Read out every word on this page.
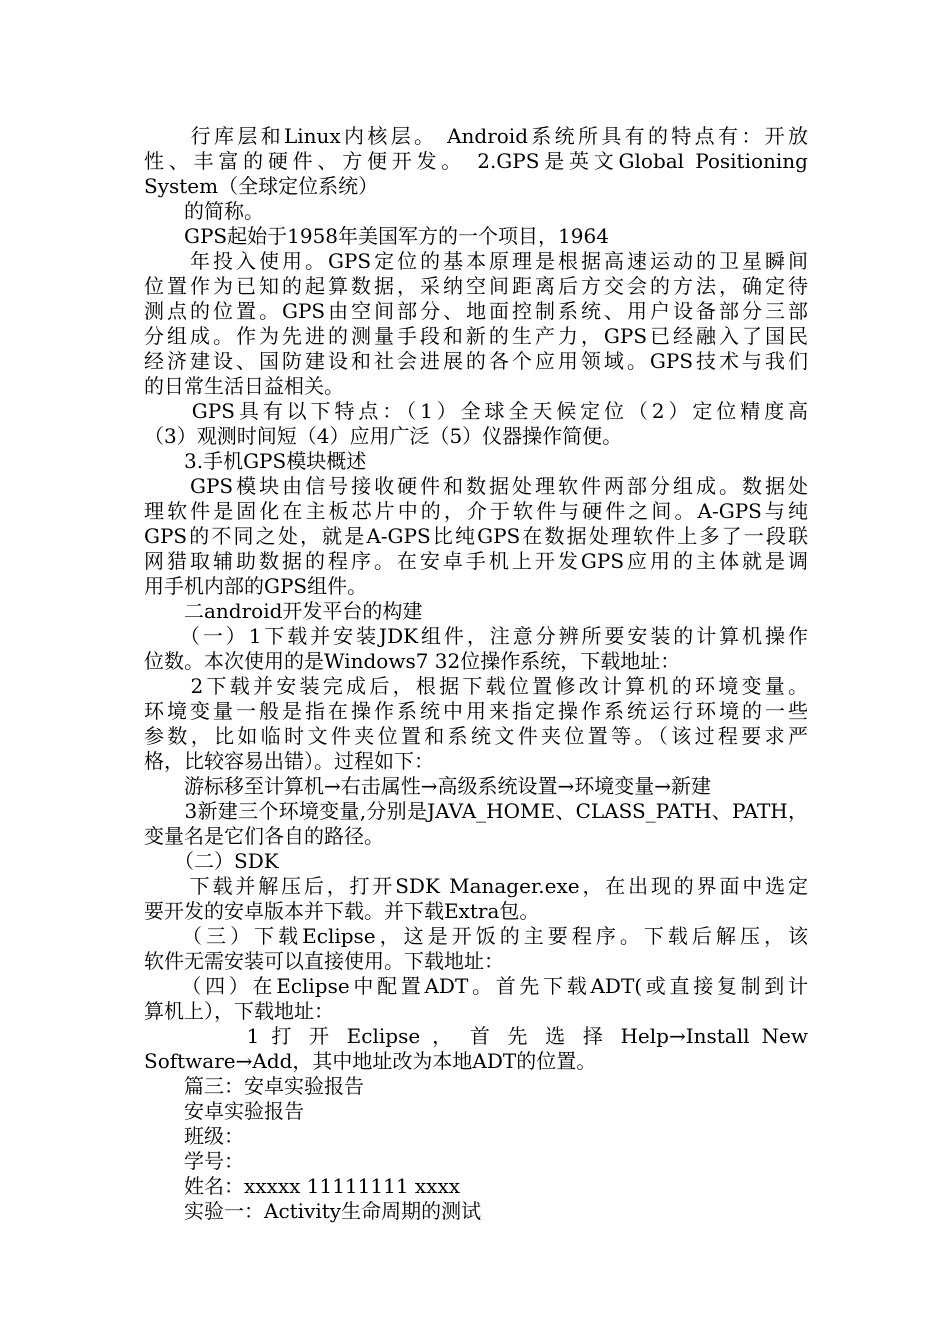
　　行库层和Linux内核层。 Android系统所具有的特点有：开放
性、丰富的硬件、方便开发。 2.GPS是英文Global Positioning
System（全球定位系统）
　　的简称。
　　GPS起始于1958年美国军方的一个项目，1964
　　年投入使用。GPS定位的基本原理是根据高速运动的卫星瞬间
位置作为已知的起算数据，采纳空间距离后方交会的方法，确定待
测点的位置。GPS由空间部分、地面控制系统、用户设备部分三部
分组成。作为先进的测量手段和新的生产力，GPS已经融入了国民
经济建设、国防建设和社会进展的各个应用领域。GPS技术与我们
的日常生活日益相关。
　　GPS具有以下特点：（1）全球全天候定位（2）定位精度高
（3）观测时间短（4）应用广泛（5）仪器操作简便。
　　3.手机GPS模块概述
　　GPS模块由信号接收硬件和数据处理软件两部分组成。数据处
理软件是固化在主板芯片中的，介于软件与硬件之间。A-GPS与纯
GPS的不同之处，就是A-GPS比纯GPS在数据处理软件上多了一段联
网猎取辅助数据的程序。在安卓手机上开发GPS应用的主体就是调
用手机内部的GPS组件。
　　二android开发平台的构建
　　（一）1下载并安装JDK组件，注意分辨所要安装的计算机操作
位数。本次使用的是Windows7 32位操作系统，下载地址：
　　2下载并安装完成后，根据下载位置修改计算机的环境变量。
环境变量一般是指在操作系统中用来指定操作系统运行环境的一些
参数，比如临时文件夹位置和系统文件夹位置等。（该过程要求严
格，比较容易出错）。过程如下：
　　游标移至计算机→右击属性→高级系统设置→环境变量→新建
　　3新建三个环境变量,分别是JAVA_HOME、CLASS_PATH、PATH，
变量名是它们各自的路径。
　　（二）SDK
　　下载并解压后，打开SDK Manager.exe，在出现的界面中选定
要开发的安卓版本并下载。并下载Extra包。
　　（三）下载Eclipse，这是开饭的主要程序。下载后解压，该
软件无需安装可以直接使用。下载地址：
　　（四）在Eclipse中配置ADT。首先下载ADT(或直接复制到计
算机上），下载地址：
　　　　1 打 开 Eclipse ， 首 先 选 择 Help→Install New
Software→Add，其中地址改为本地ADT的位置。
　　篇三：安卓实验报告
　　安卓实验报告
　　班级：
　　学号：
　　姓名：xxxxx 11111111 xxxx
　　实验一：Activity生命周期的测试
